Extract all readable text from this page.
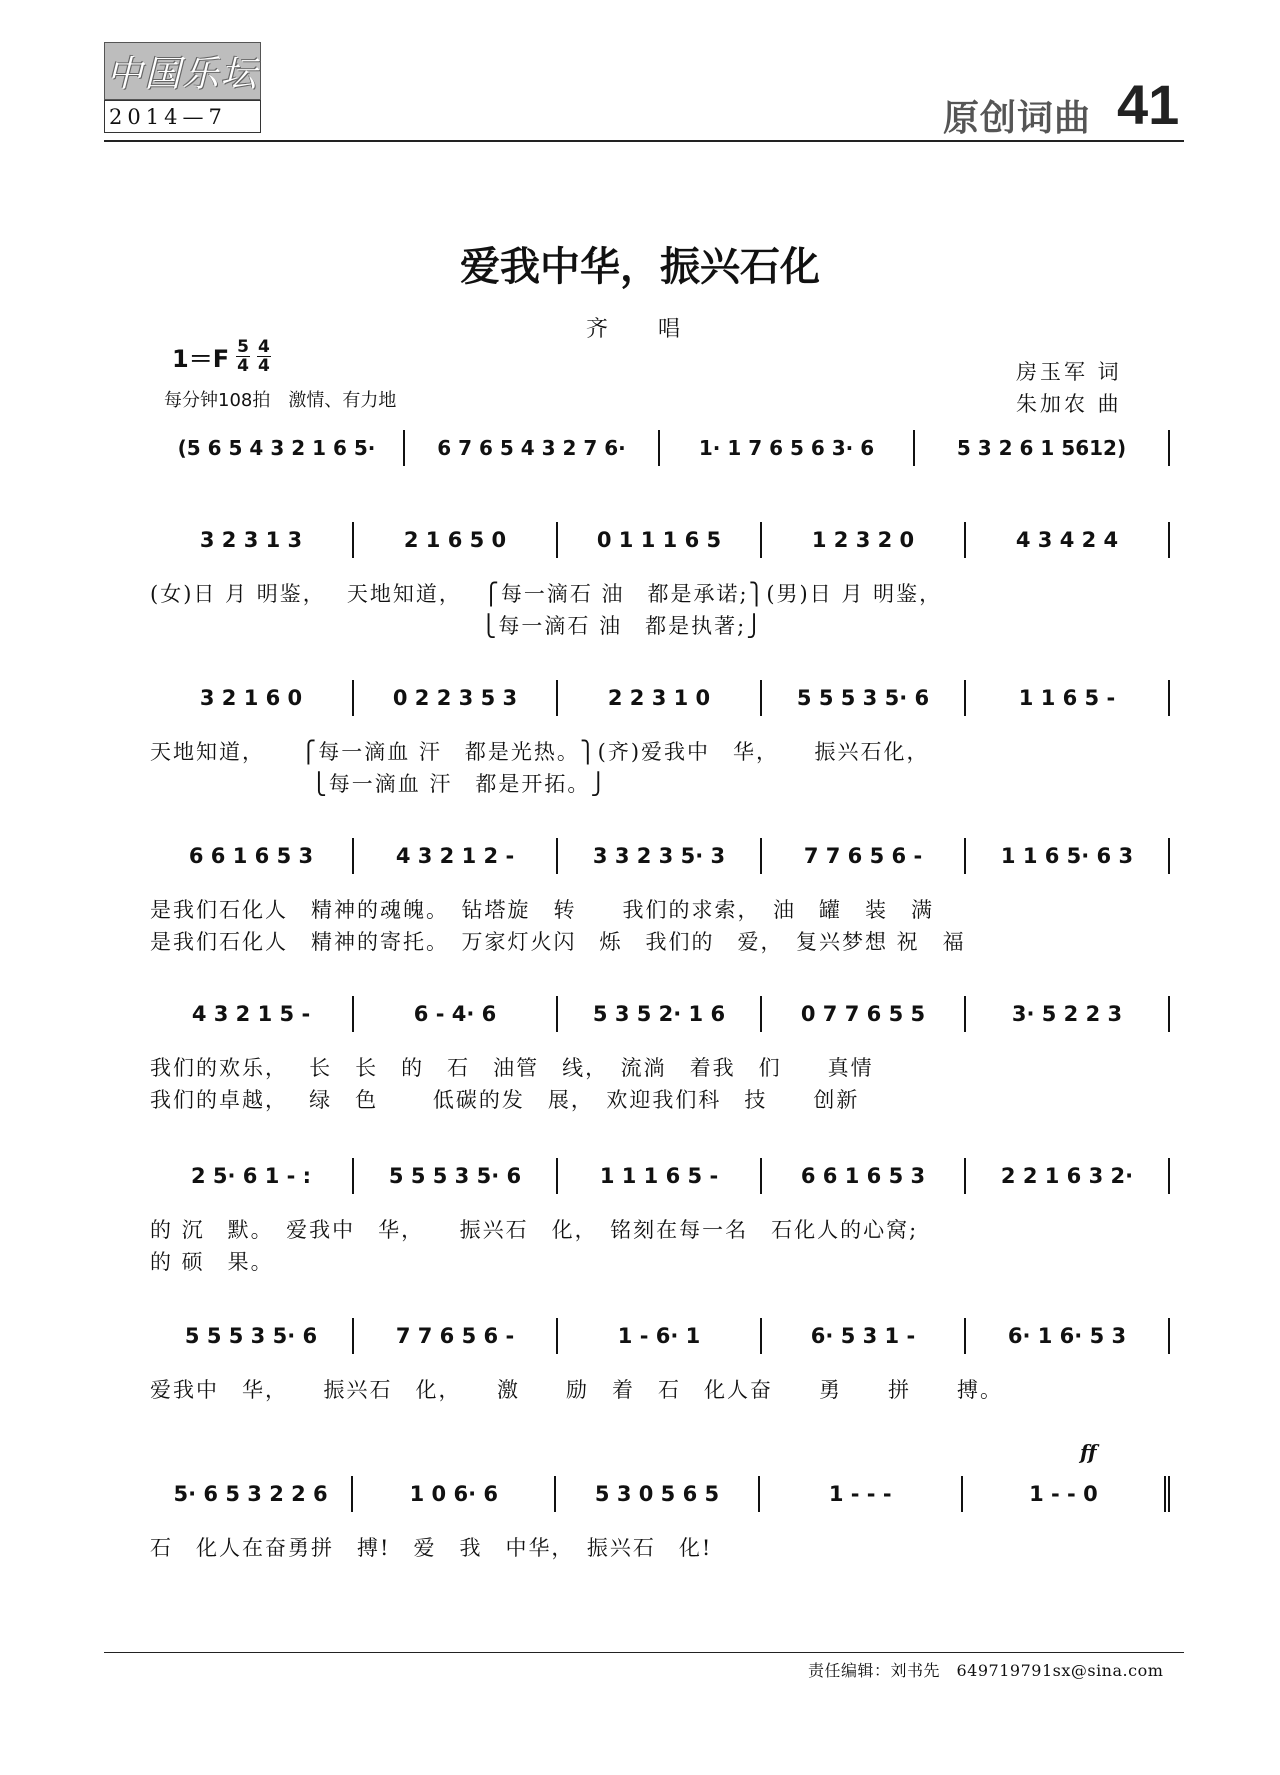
中国乐坛
2014—7	原创词曲 41
爱我中华，振兴石化
齐　唱
$1=F \frac{5}{4} \frac{4}{4}$
每分钟108拍　激情、有力地
房玉军 词
朱加农 曲
(5 6 5 4 3 2 1 6 5·	6 7 6 5 4 3 2 7 6·	1· 1 7 6 5 6 3· 6	5 3 2 6 1 5612)
3 2 3 1 3	2 1 6 5 0	0 1 1 1 6 5	1 2 3 2 0	4 3 4 2 4
(女)日 月 明鉴，　 天地知道，　 ⎧每一滴石 油　都是承诺;⎫(男)日 月 明鉴，
　　　　　　　　　　　　　　 ⎩每一滴石 油　都是执著;⎭
3 2 1 6 0	0 2 2 3 5 3	2 2 3 1 0	5 5 5 3 5· 6	1 1 6 5 -
天地知道，　　⎧每一滴血 汗　都是光热。⎫(齐)爱我中　华，　　振兴石化，
　　　　　　　⎩每一滴血 汗　都是开拓。⎭
6 6 1 6 5 3	4 3 2 1 2 -	3 3 2 3 5· 3	7 7 6 5 6 -	1 1 6 5· 6 3
是我们石化人　精神的魂魄。　钻塔旋　转　　我们的求索，　油　罐　装　满
是我们石化人　精神的寄托。　万家灯火闪　烁　我们的　爱，　复兴梦想 祝　福
4 3 2 1 5 -	6 - 4· 6	5 3 5 2· 1 6	0 7 7 6 5 5	3· 5 2 2 3
我们的欢乐，　 长　长　的　石　油管　线，　流淌　着我　们　　真情
我们的卓越，　 绿　色　　 低碳的发　展，　欢迎我们科　技　　创新
2 5· 6 1 - :	5 5 5 3 5· 6	1 1 1 6 5 -	6 6 1 6 5 3	2 2 1 6 3 2·
的 沉　默。　爱我中　华，　　振兴石　化，　铭刻在每一名　石化人的心窝;
的 硕　果。
5 5 5 3 5· 6	7 7 6 5 6 -	1 - 6· 1	6· 5 3 1 -	6· 1 6· 5 3
爱我中　华，　　振兴石　化，　　激　　励　着　石　化人奋　　勇　　拼　　搏。
5· 6 5 3 2 2 6	1 0 6· 6	5 3 0 5 6 5	1 - - -	1 - - 0
石　化人在奋勇拼　搏!　爱　我　中华，　振兴石　化!
ff
责任编辑：刘书先　649719791sx@sina.com
